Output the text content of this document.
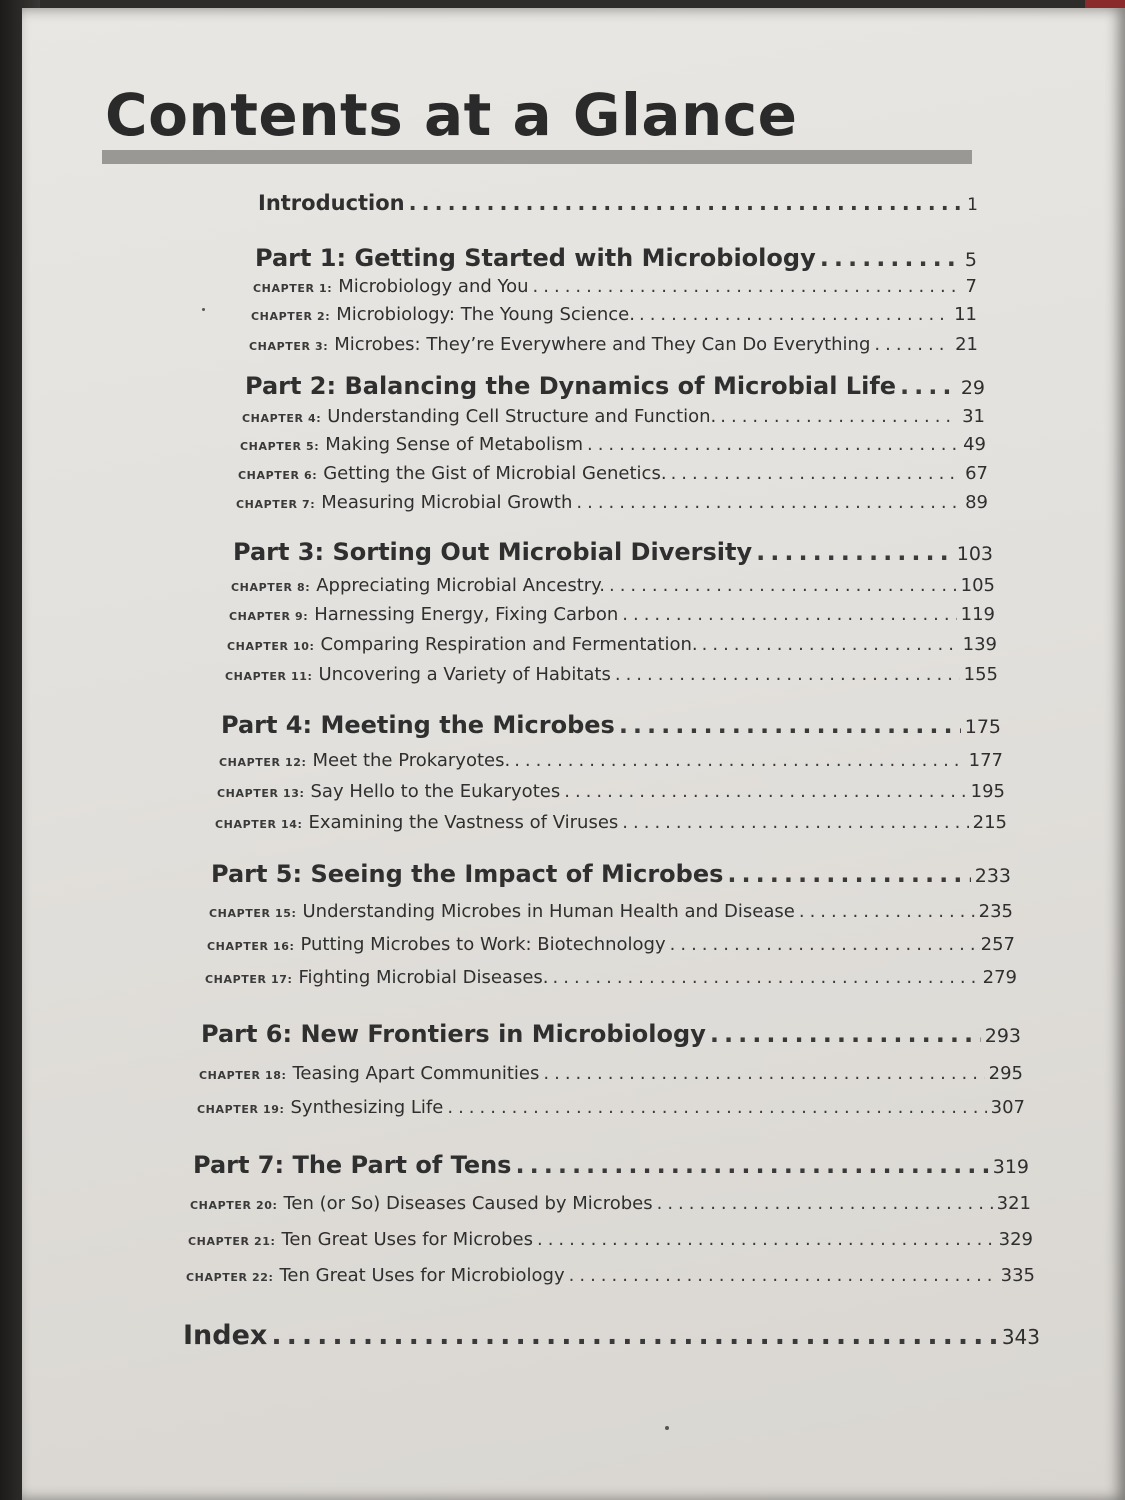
Contents at a Glance
Introduction .....	1
Part 1: Getting Started with Microbiology .....	5
CHAPTER 1: Microbiology and You .....	7
CHAPTER 2: Microbiology: The Young Science. .....	11
CHAPTER 3: Microbes: They’re Everywhere and They Can Do Everything .....	21
Part 2: Balancing the Dynamics of Microbial Life .....	29
CHAPTER 4: Understanding Cell Structure and Function. .....	31
CHAPTER 5: Making Sense of Metabolism .....	49
CHAPTER 6: Getting the Gist of Microbial Genetics. .....	67
CHAPTER 7: Measuring Microbial Growth .....	89
Part 3: Sorting Out Microbial Diversity .....	103
CHAPTER 8: Appreciating Microbial Ancestry. .....	105
CHAPTER 9: Harnessing Energy, Fixing Carbon .....	119
CHAPTER 10: Comparing Respiration and Fermentation. .....	139
CHAPTER 11: Uncovering a Variety of Habitats .....	155
Part 4: Meeting the Microbes .....	175
CHAPTER 12: Meet the Prokaryotes. .....	177
CHAPTER 13: Say Hello to the Eukaryotes .....	195
CHAPTER 14: Examining the Vastness of Viruses .....	215
Part 5: Seeing the Impact of Microbes .....	233
CHAPTER 15: Understanding Microbes in Human Health and Disease .....	235
CHAPTER 16: Putting Microbes to Work: Biotechnology .....	257
CHAPTER 17: Fighting Microbial Diseases. .....	279
Part 6: New Frontiers in Microbiology .....	293
CHAPTER 18: Teasing Apart Communities .....	295
CHAPTER 19: Synthesizing Life .....	307
Part 7: The Part of Tens .....	319
CHAPTER 20: Ten (or So) Diseases Caused by Microbes .....	321
CHAPTER 21: Ten Great Uses for Microbes .....	329
CHAPTER 22: Ten Great Uses for Microbiology .....	335
Index .....	343
